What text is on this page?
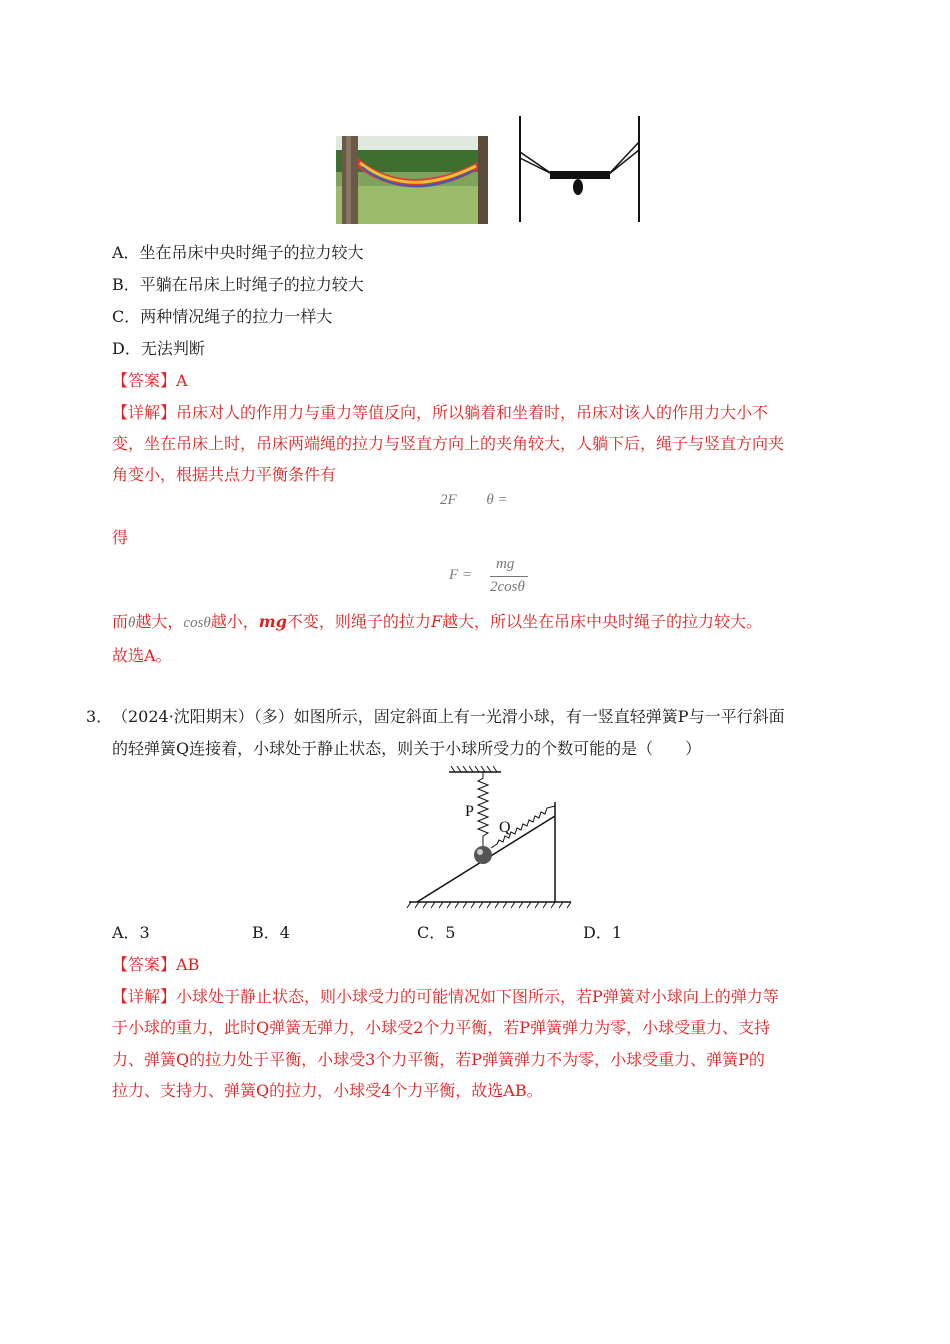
A．坐在吊床中央时绳子的拉力较大
B．平躺在吊床上时绳子的拉力较大
C．两种情况绳子的拉力一样大
D．无法判断
【答案】A
【详解】吊床对人的作用力与重力等值反向，所以躺着和坐着时，吊床对该人的作用力大小不
变，坐在吊床上时，吊床两端绳的拉力与竖直方向上的夹角较大，人躺下后，绳子与竖直方向夹
角变小，根据共点力平衡条件有
2F θ =
得
F =
mg
2cosθ
而θ越大，cosθ越小，mg不变，则绳子的拉力F越大，所以坐在吊床中央时绳子的拉力较大。
故选A。
3． （2024·沈阳期末）（多）如图所示，固定斜面上有一光滑小球，有一竖直轻弹簧P与一平行斜面
的轻弹簧Q连接着，小球处于静止状态，则关于小球所受力的个数可能的是（　　）
P
Q
A．3	B．4	C．5	D．1
【答案】AB
【详解】小球处于静止状态，则小球受力的可能情况如下图所示，若P弹簧对小球向上的弹力等
于小球的重力，此时Q弹簧无弹力，小球受2个力平衡，若P弹簧弹力为零，小球受重力、支持
力、弹簧Q的拉力处于平衡，小球受3个力平衡，若P弹簧弹力不为零，小球受重力、弹簧P的
拉力、支持力、弹簧Q的拉力，小球受4个力平衡，故选AB。
